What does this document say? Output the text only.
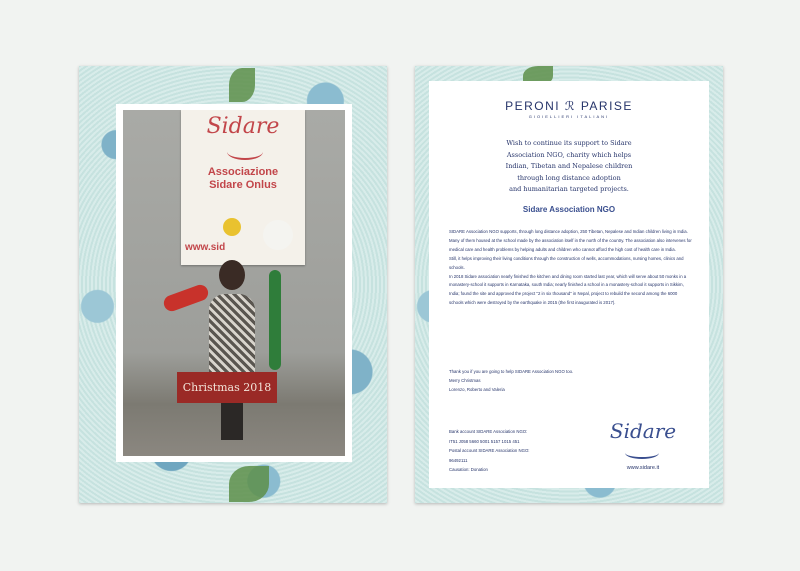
Sidare
Associazione
Sidare Onlus
www.sid
Christmas 2018
PERONI ℛ PARISE
GIOIELLIERI ITALIANI
Wish to continue its support to Sidare
Association NGO, charity which helps
Indian, Tibetan and Nepalese children
through long distance adoption
and humanitarian targeted projects.
Sidare Association NGO

SIDARE Association NGO supports, through long distance adoption, 250 Tibetan, Nepalese and Indian children living in India. Many of them housed at the school made by the association itself in the north of the country. The association also intervenes for medical care and health problems by helping adults and children who cannot afford the high cost of health care in India.

Still, it helps improving their living conditions through the construction of wells, accommodations, nursing homes, clinics and schools.

In 2018 Sidare association nearly finished the kitchen and dining room started last year, which will serve about 50 monks in a monastery-school it supports in Karnataka, south India; nearly finished a school in a monastery-school it supports in Sikkim, India; found the site and approved the project "2 in six thousand" in Nepal, project to rebuild the second among the 6000 schools which were destroyed by the earthquake in 2015 (the first inaugurated is 2017).

Thank you if you are going to help SIDARE Association NGO too.
Merry Christmas
Lorenzo, Roberto and Valeria
Bank account SIDARE Association NGO:
IT51 J058 5660 5001 5157 1015 451
Postal account SIDARE Association NGO:
96492111
Causation: Donation
Sidare
www.sidare.it
